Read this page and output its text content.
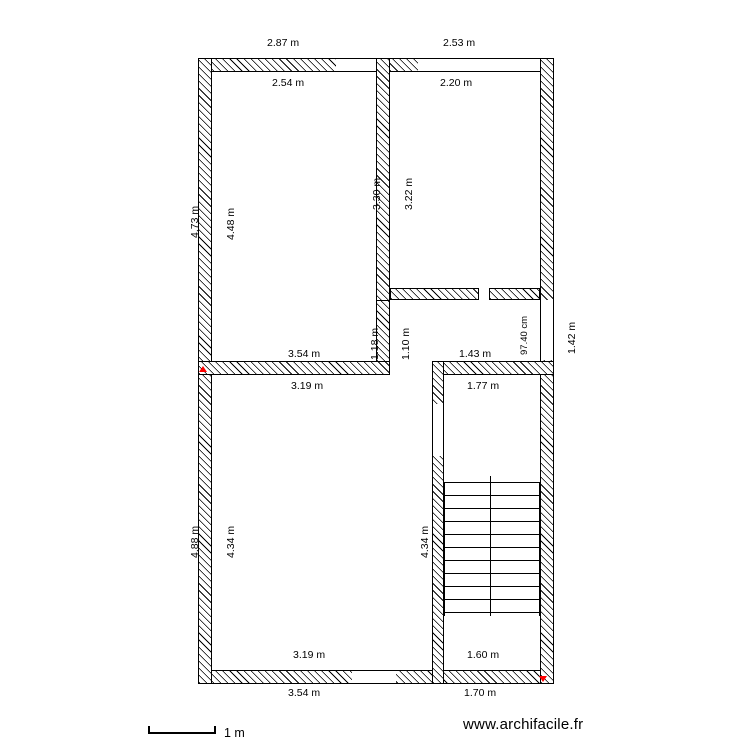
2.87 m	2.53 m
2.54 m	2.20 m
4.73 m 4.48 m
4.88 m 4.34 m
3.30 m 3.22 m
1.18 m 1.10 m	97.40 cm	1.42 m
3.54 m	1.43 m
3.19 m	1.77 m
4.34 m
3.19 m	1.60 m
3.54 m	1.70 m
1 m	www.archifacile.fr
